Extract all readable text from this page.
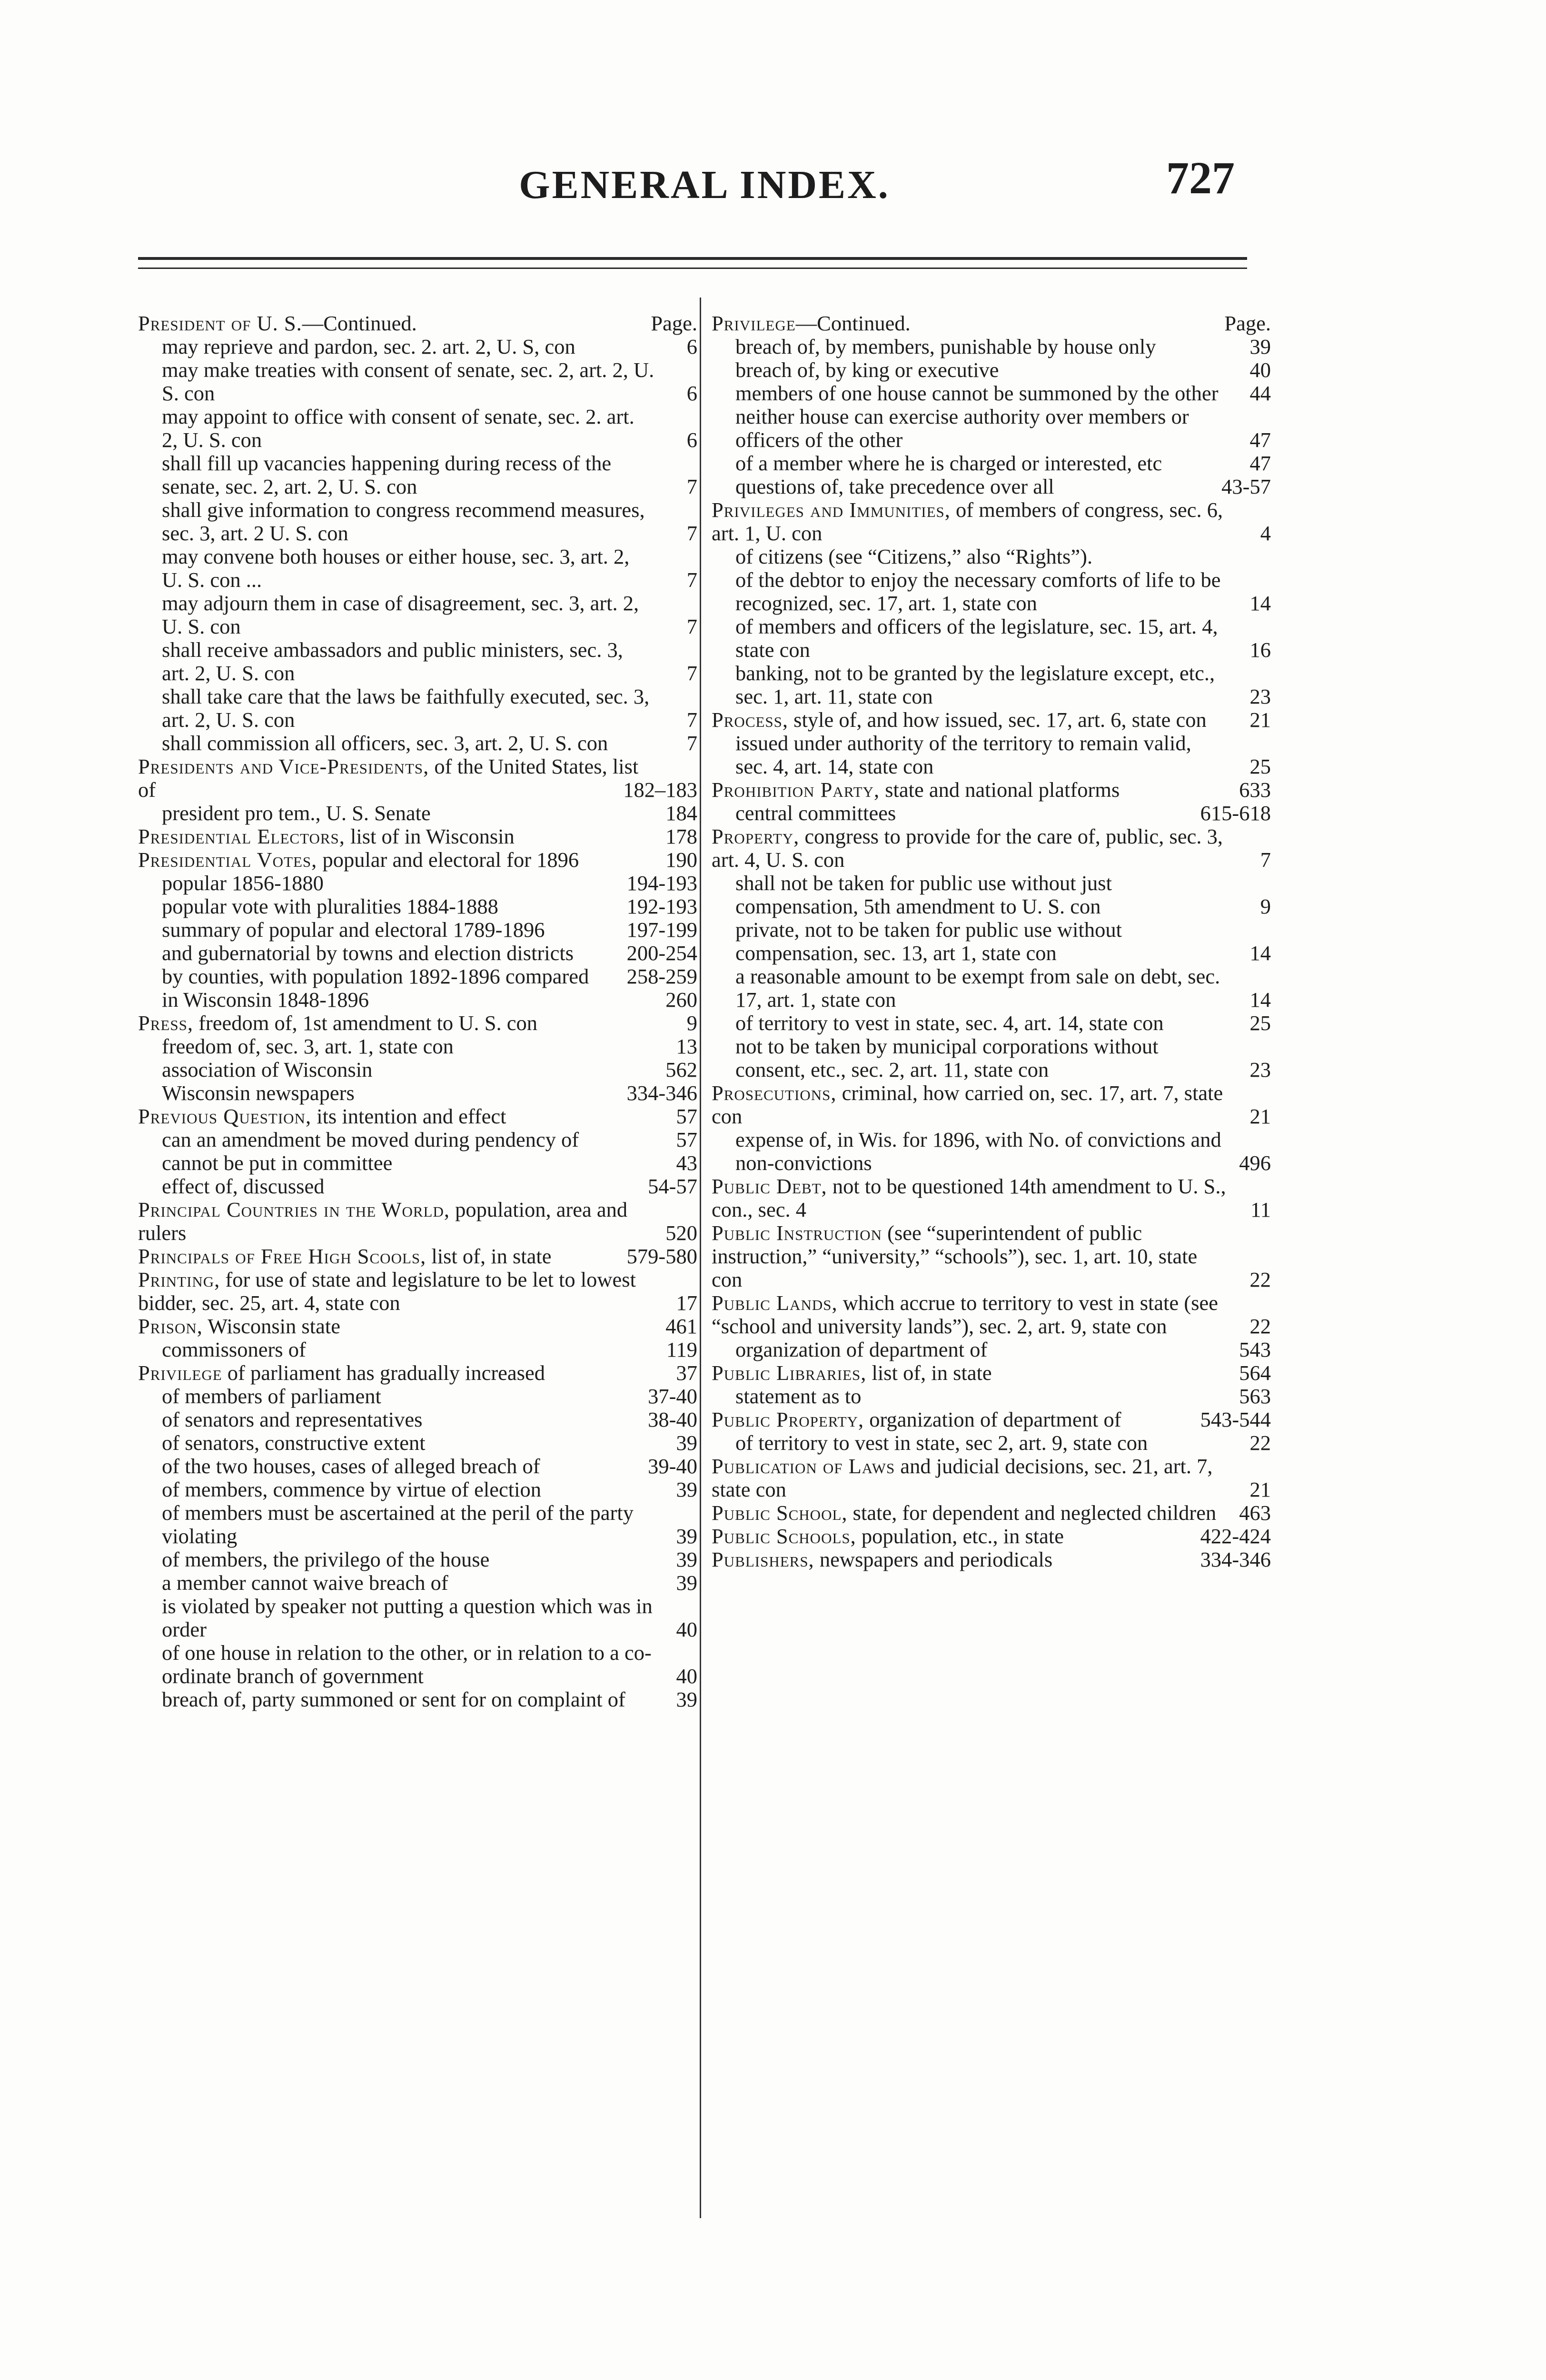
GENERAL INDEX.	727
President of U. S.—Continued.	Page.
may reprieve and pardon, sec. 2. art. 2, U. S, con	6
may make treaties with consent of senate, sec. 2, art. 2, U. S. con	6
may appoint to office with consent of senate, sec. 2. art. 2, U. S. con	6
shall fill up vacancies happening during recess of the senate, sec. 2, art. 2, U. S. con	7
shall give information to congress recommend measures, sec. 3, art. 2 U. S. con	7
may convene both houses or either house, sec. 3, art. 2, U. S. con ...	7
may adjourn them in case of disagreement, sec. 3, art. 2, U. S. con	7
shall receive ambassadors and public ministers, sec. 3, art. 2, U. S. con	7
shall take care that the laws be faithfully executed, sec. 3, art. 2, U. S. con	7
shall commission all officers, sec. 3, art. 2, U. S. con	7
Presidents and Vice-Presidents, of the United States, list of	182–183
president pro tem., U. S. Senate	184
Presidential Electors, list of in Wisconsin	178
Presidential Votes, popular and electoral for 1896	190
popular 1856-1880	194-193
popular vote with pluralities 1884-1888	192-193
summary of popular and electoral 1789-1896	197-199
and gubernatorial by towns and election districts	200-254
by counties, with population 1892-1896 compared	258-259
in Wisconsin 1848-1896	260
Press, freedom of, 1st amendment to U. S. con	9
freedom of, sec. 3, art. 1, state con	13
association of Wisconsin	562
Wisconsin newspapers	334-346
Previous Question, its intention and effect	57
can an amendment be moved during pendency of	57
cannot be put in committee	43
effect of, discussed	54-57
Principal Countries in the World, population, area and rulers	520
Principals of Free High Scools, list of, in state	579-580
Printing, for use of state and legislature to be let to lowest bidder, sec. 25, art. 4, state con	17
Prison, Wisconsin state	461
commissoners of	119
Privilege of parliament has gradually increased	37
of members of parliament	37-40
of senators and representatives	38-40
of senators, constructive extent	39
of the two houses, cases of alleged breach of	39-40
of members, commence by virtue of election	39
of members must be ascertained at the peril of the party violating	39
of members, the privilego of the house	39
a member cannot waive breach of	39
is violated by speaker not putting a question which was in order	40
of one house in relation to the other, or in relation to a co-ordinate branch of government	40
breach of, party summoned or sent for on complaint of	39
Privilege—Continued.	Page.
breach of, by members, punishable by house only	39
breach of, by king or executive	40
members of one house cannot be summoned by the other	44
neither house can exercise authority over members or officers of the other	47
of a member where he is charged or interested, etc	47
questions of, take precedence over all	43-57
Privileges and Immunities, of members of congress, sec. 6, art. 1, U. con	4
of citizens (see “Citizens,” also “Rights”).
of the debtor to enjoy the necessary comforts of life to be recognized, sec. 17, art. 1, state con	14
of members and officers of the legislature, sec. 15, art. 4, state con	16
banking, not to be granted by the legislature except, etc., sec. 1, art. 11, state con	23
Process, style of, and how issued, sec. 17, art. 6, state con	21
issued under authority of the territory to remain valid, sec. 4, art. 14, state con	25
Prohibition Party, state and national platforms	633
central committees	615-618
Property, congress to provide for the care of, public, sec. 3, art. 4, U. S. con	7
shall not be taken for public use without just compensation, 5th amendment to U. S. con	9
private, not to be taken for public use without compensation, sec. 13, art 1, state con	14
a reasonable amount to be exempt from sale on debt, sec. 17, art. 1, state con	14
of territory to vest in state, sec. 4, art. 14, state con	25
not to be taken by municipal corporations without consent, etc., sec. 2, art. 11, state con	23
Prosecutions, criminal, how carried on, sec. 17, art. 7, state con	21
expense of, in Wis. for 1896, with No. of convictions and non-convictions	496
Public Debt, not to be questioned 14th amendment to U. S., con., sec. 4	11
Public Instruction (see “superintendent of public instruction,” “university,” “schools”), sec. 1, art. 10, state con	22
Public Lands, which accrue to territory to vest in state (see “school and university lands”), sec. 2, art. 9, state con	22
organization of department of	543
Public Libraries, list of, in state	564
statement as to	563
Public Property, organization of department of	543-544
of territory to vest in state, sec 2, art. 9, state con	22
Publication of Laws and judicial decisions, sec. 21, art. 7, state con	21
Public School, state, for dependent and neglected children	463
Public Schools, population, etc., in state	422-424
Publishers, newspapers and periodicals	334-346
